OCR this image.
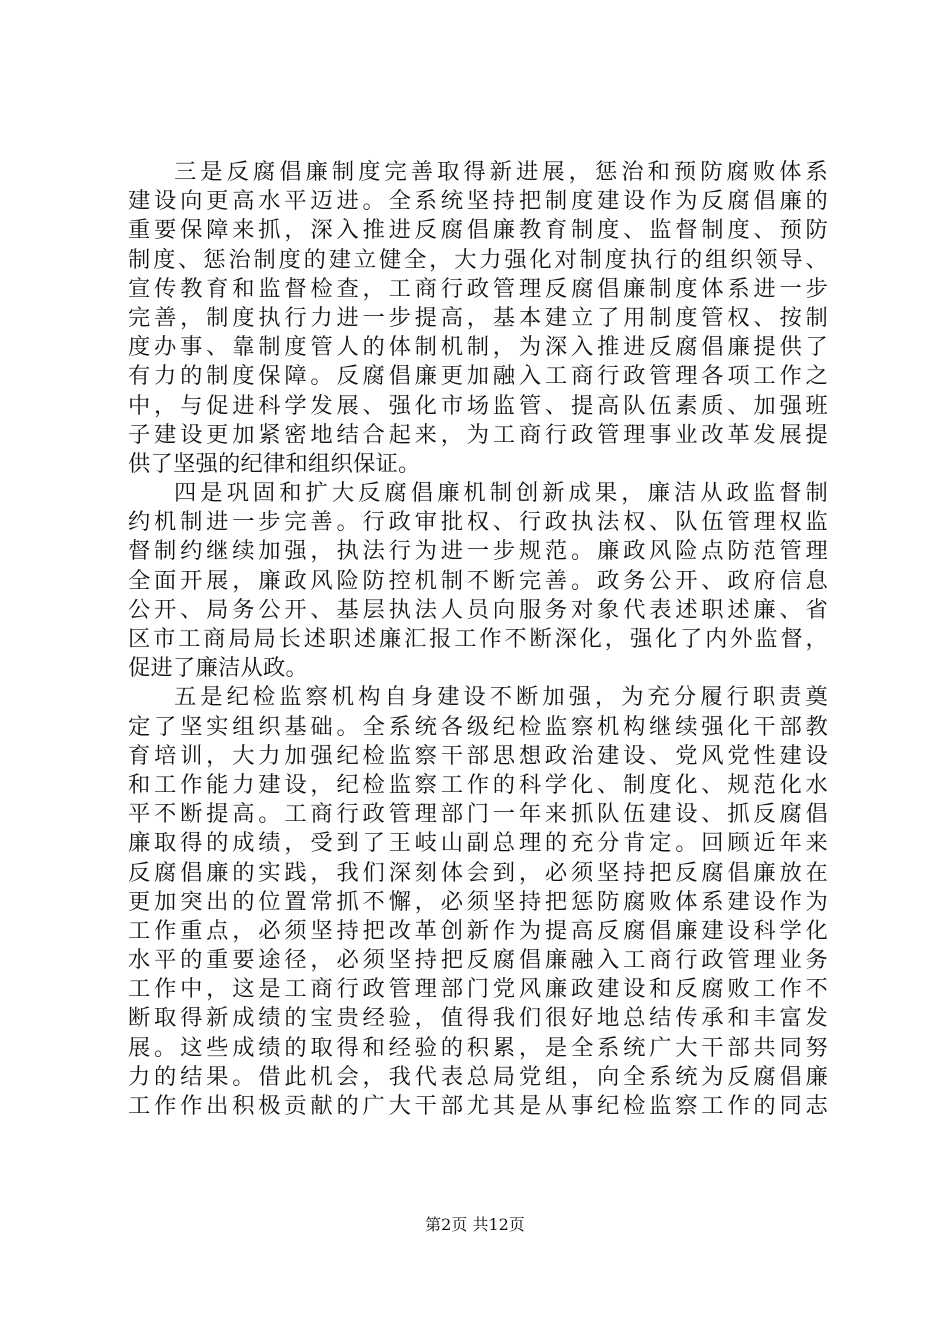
三是反腐倡廉制度完善取得新进展，惩治和预防腐败体系
建设向更高水平迈进。全系统坚持把制度建设作为反腐倡廉的
重要保障来抓，深入推进反腐倡廉教育制度、监督制度、预防
制度、惩治制度的建立健全，大力强化对制度执行的组织领导、
宣传教育和监督检查，工商行政管理反腐倡廉制度体系进一步
完善，制度执行力进一步提高，基本建立了用制度管权、按制
度办事、靠制度管人的体制机制，为深入推进反腐倡廉提供了
有力的制度保障。反腐倡廉更加融入工商行政管理各项工作之
中，与促进科学发展、强化市场监管、提高队伍素质、加强班
子建设更加紧密地结合起来，为工商行政管理事业改革发展提
供了坚强的纪律和组织保证。
四是巩固和扩大反腐倡廉机制创新成果，廉洁从政监督制
约机制进一步完善。行政审批权、行政执法权、队伍管理权监
督制约继续加强，执法行为进一步规范。廉政风险点防范管理
全面开展，廉政风险防控机制不断完善。政务公开、政府信息
公开、局务公开、基层执法人员向服务对象代表述职述廉、省
区市工商局局长述职述廉汇报工作不断深化，强化了内外监督，
促进了廉洁从政。
五是纪检监察机构自身建设不断加强，为充分履行职责奠
定了坚实组织基础。全系统各级纪检监察机构继续强化干部教
育培训，大力加强纪检监察干部思想政治建设、党风党性建设
和工作能力建设，纪检监察工作的科学化、制度化、规范化水
平不断提高。工商行政管理部门一年来抓队伍建设、抓反腐倡
廉取得的成绩，受到了王岐山副总理的充分肯定。回顾近年来
反腐倡廉的实践，我们深刻体会到，必须坚持把反腐倡廉放在
更加突出的位置常抓不懈，必须坚持把惩防腐败体系建设作为
工作重点，必须坚持把改革创新作为提高反腐倡廉建设科学化
水平的重要途径，必须坚持把反腐倡廉融入工商行政管理业务
工作中，这是工商行政管理部门党风廉政建设和反腐败工作不
断取得新成绩的宝贵经验，值得我们很好地总结传承和丰富发
展。这些成绩的取得和经验的积累，是全系统广大干部共同努
力的结果。借此机会，我代表总局党组，向全系统为反腐倡廉
工作作出积极贡献的广大干部尤其是从事纪检监察工作的同志
第2页 共12页
